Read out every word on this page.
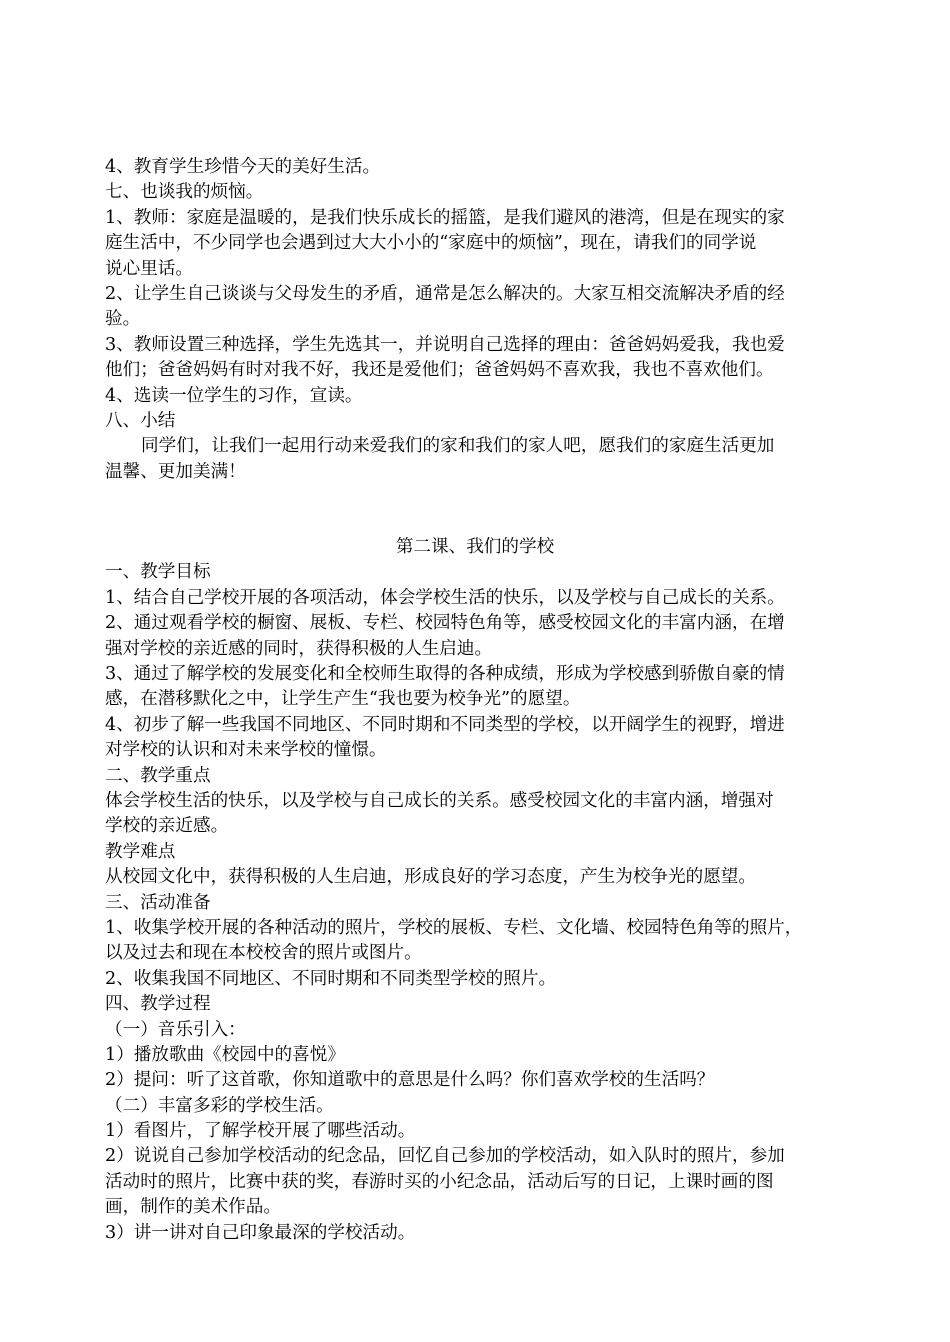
4、教育学生珍惜今天的美好生活。

七、也谈我的烦恼。

1、教师：家庭是温暖的，是我们快乐成长的摇篮，是我们避风的港湾，但是在现实的家

庭生活中，不少同学也会遇到过大大小小的“家庭中的烦恼”，现在，请我们的同学说

说心里话。

2、让学生自己谈谈与父母发生的矛盾，通常是怎么解决的。大家互相交流解决矛盾的经

验。

3、教师设置三种选择，学生先选其一，并说明自己选择的理由：爸爸妈妈爱我，我也爱

他们；爸爸妈妈有时对我不好，我还是爱他们；爸爸妈妈不喜欢我，我也不喜欢他们。

4、选读一位学生的习作，宣读。

八、小结

同学们，让我们一起用行动来爱我们的家和我们的家人吧，愿我们的家庭生活更加

温馨、更加美满！

第二课、我们的学校

一、教学目标

1、结合自己学校开展的各项活动，体会学校生活的快乐，以及学校与自己成长的关系。

2、通过观看学校的橱窗、展板、专栏、校园特色角等，感受校园文化的丰富内涵，在增

强对学校的亲近感的同时，获得积极的人生启迪。

3、通过了解学校的发展变化和全校师生取得的各种成绩，形成为学校感到骄傲自豪的情

感，在潜移默化之中，让学生产生“我也要为校争光”的愿望。

4、初步了解一些我国不同地区、不同时期和不同类型的学校，以开阔学生的视野，增进

对学校的认识和对未来学校的憧憬。

二、教学重点

体会学校生活的快乐，以及学校与自己成长的关系。感受校园文化的丰富内涵，增强对

学校的亲近感。

教学难点

从校园文化中，获得积极的人生启迪，形成良好的学习态度，产生为校争光的愿望。

三、活动准备

1、收集学校开展的各种活动的照片，学校的展板、专栏、文化墙、校园特色角等的照片，

以及过去和现在本校校舍的照片或图片。

2、收集我国不同地区、不同时期和不同类型学校的照片。

四、教学过程

（一）音乐引入：

1）播放歌曲《校园中的喜悦》

2）提问：听了这首歌，你知道歌中的意思是什么吗？你们喜欢学校的生活吗？

（二）丰富多彩的学校生活。

1）看图片，了解学校开展了哪些活动。

2）说说自己参加学校活动的纪念品，回忆自己参加的学校活动，如入队时的照片，参加

活动时的照片，比赛中获的奖，春游时买的小纪念品，活动后写的日记，上课时画的图

画，制作的美术作品。

3）讲一讲对自己印象最深的学校活动。
